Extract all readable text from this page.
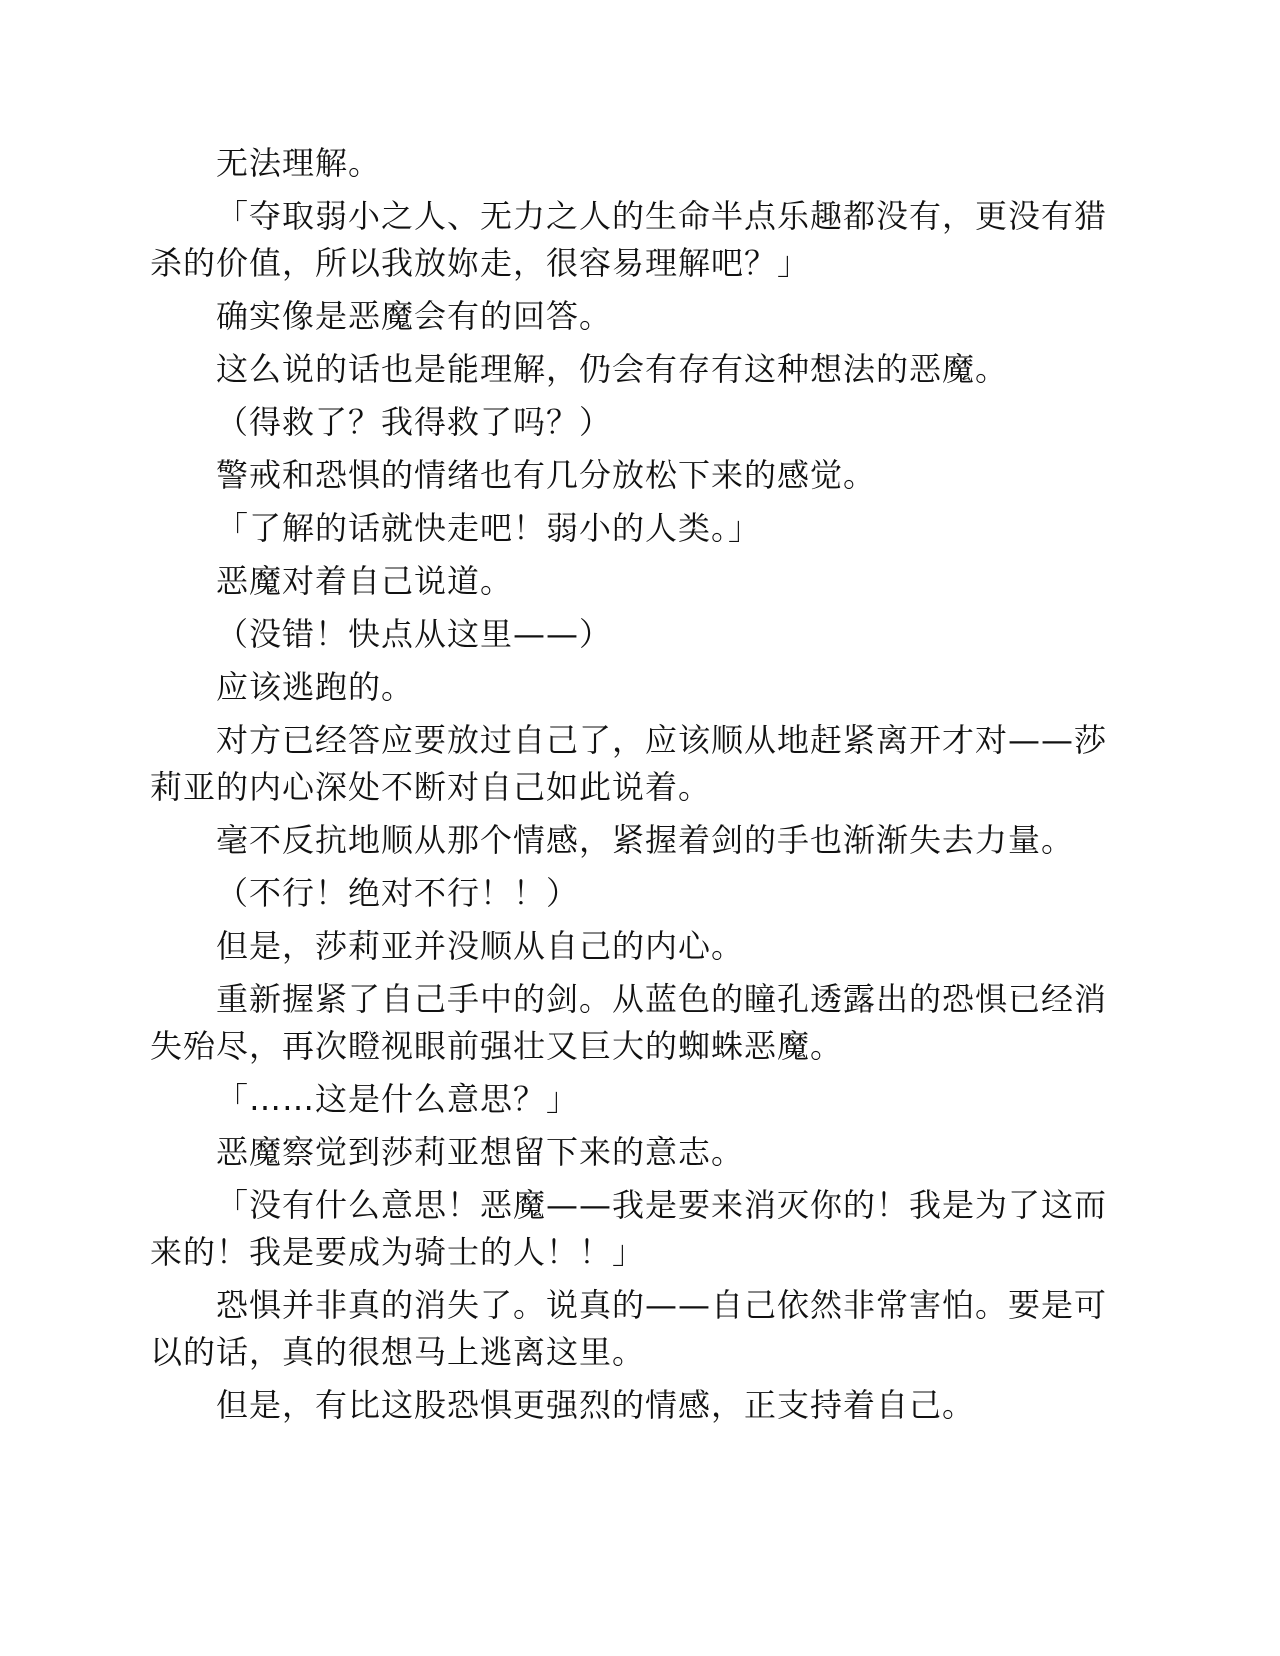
无法理解。

「夺取弱小之人、无力之人的生命半点乐趣都没有，更没有猎杀的价值，所以我放妳走，很容易理解吧？」

确实像是恶魔会有的回答。

这么说的话也是能理解，仍会有存有这种想法的恶魔。

（得救了？我得救了吗？）

警戒和恐惧的情绪也有几分放松下来的感觉。

「了解的话就快走吧！弱小的人类。」

恶魔对着自己说道。

（没错！快点从这里——）

应该逃跑的。

对方已经答应要放过自己了，应该顺从地赶紧离开才对——莎莉亚的内心深处不断对自己如此说着。

毫不反抗地顺从那个情感，紧握着剑的手也渐渐失去力量。

（不行！绝对不行！！）

但是，莎莉亚并没顺从自己的内心。

重新握紧了自己手中的剑。从蓝色的瞳孔透露出的恐惧已经消失殆尽，再次瞪视眼前强壮又巨大的蜘蛛恶魔。

「……这是什么意思？」

恶魔察觉到莎莉亚想留下来的意志。

「没有什么意思！恶魔——我是要来消灭你的！我是为了这而来的！我是要成为骑士的人！！」

恐惧并非真的消失了。说真的——自己依然非常害怕。要是可以的话，真的很想马上逃离这里。

但是，有比这股恐惧更强烈的情感，正支持着自己。
